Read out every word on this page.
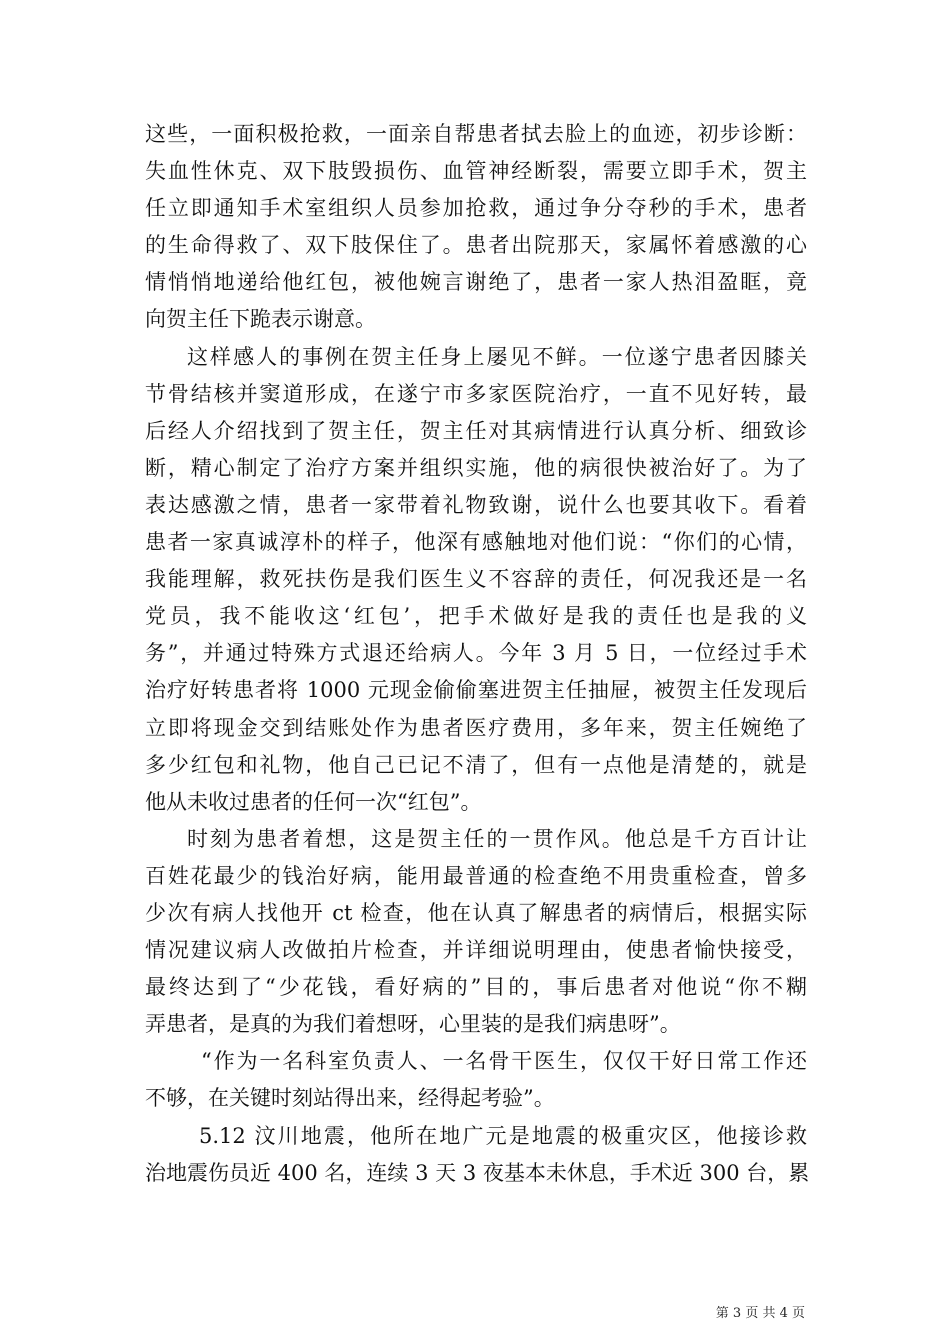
这些，一面积极抢救，一面亲自帮患者拭去脸上的血迹，初步诊断：
失血性休克、双下肢毁损伤、血管神经断裂，需要立即手术，贺主
任立即通知手术室组织人员参加抢救，通过争分夺秒的手术，患者
的生命得救了、双下肢保住了。患者出院那天，家属怀着感激的心
情悄悄地递给他红包，被他婉言谢绝了，患者一家人热泪盈眶，竟
向贺主任下跪表示谢意。
这样感人的事例在贺主任身上屡见不鲜。一位遂宁患者因膝关
节骨结核并窦道形成，在遂宁市多家医院治疗，一直不见好转，最
后经人介绍找到了贺主任，贺主任对其病情进行认真分析、细致诊
断，精心制定了治疗方案并组织实施，他的病很快被治好了。为了
表达感激之情，患者一家带着礼物致谢，说什么也要其收下。看着
患者一家真诚淳朴的样子，他深有感触地对他们说：“你们的心情，
我能理解，救死扶伤是我们医生义不容辞的责任，何况我还是一名
党员，我不能收这‘红包’，把手术做好是我的责任也是我的义
务”，并通过特殊方式退还给病人。今年 3 月 5 日，一位经过手术
治疗好转患者将 1000 元现金偷偷塞进贺主任抽屉，被贺主任发现后
立即将现金交到结账处作为患者医疗费用，多年来，贺主任婉绝了
多少红包和礼物，他自己已记不清了，但有一点他是清楚的，就是
他从未收过患者的任何一次“红包”。
时刻为患者着想，这是贺主任的一贯作风。他总是千方百计让
百姓花最少的钱治好病，能用最普通的检查绝不用贵重检查，曾多
少次有病人找他开 ct 检查，他在认真了解患者的病情后，根据实际
情况建议病人改做拍片检查，并详细说明理由，使患者愉快接受，
最终达到了“少花钱，看好病的”目的，事后患者对他说“你不糊
弄患者，是真的为我们着想呀，心里装的是我们病患呀”。
“作为一名科室负责人、一名骨干医生，仅仅干好日常工作还
不够，在关键时刻站得出来，经得起考验”。
5.12 汶川地震，他所在地广元是地震的极重灾区，他接诊救
治地震伤员近 400 名，连续 3 天 3 夜基本未休息，手术近 300 台，累
第 3 页 共 4 页
